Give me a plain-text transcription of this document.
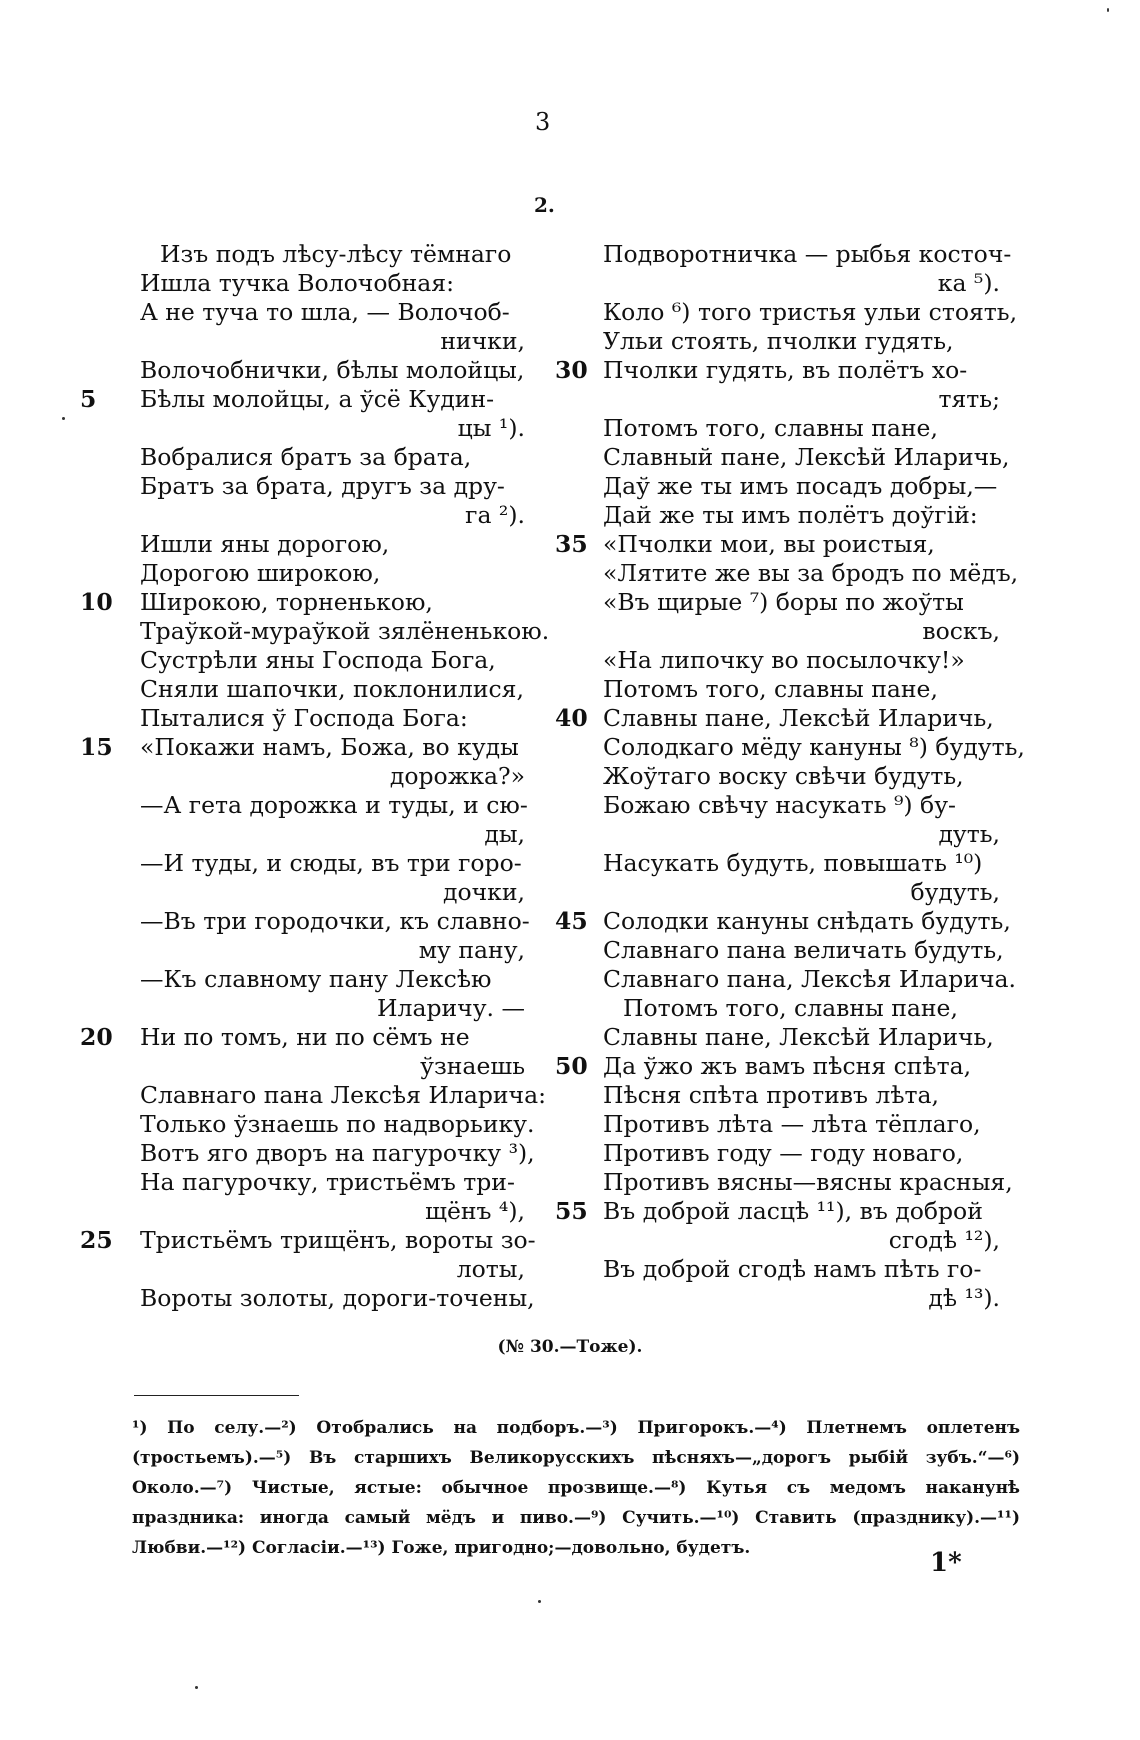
3
2.
Изъ подъ лѣсу-лѣсу тёмнаго
Ишла тучка Волочобная:
А не туча то шла, — Волочоб-
нички,
Волочобнички, бѣлы молойцы,
5	Бѣлы молойцы, а ўсё Кудин-
цы ¹).
Вобралися братъ за брата,
Братъ за брата, другъ за дру-
га ²).
Ишли яны дорогою,
Дорогою широкою,
10	Широкою, торненькою,
Траўкой-мураўкой зялёненькою.
Сустрѣли яны Господа Бога,
Сняли шапочки, поклонилися,
Пыталися ў Господа Бога:
15	«Покажи намъ, Божа, во куды
дорожка?»
—А гета дорожка и туды, и сю-
ды,
—И туды, и сюды, въ три горо-
дочки,
—Въ три городочки, къ славно-
му пану,
—Къ славному пану Лексѣю
Иларичу. —
20	Ни по томъ, ни по сёмъ не
ўзнаешь
Славнаго пана Лексѣя Иларича:
Только ўзнаешь по надворьику.
Вотъ яго дворъ на пагурочку ³),
На пагурочку, тристьёмъ три-
щёнъ ⁴),
25	Тристьёмъ трищёнъ, вороты зо-
лоты,
Вороты золоты, дороги-точены,
Подворотничка — рыбья косточ-
ка ⁵).
Коло ⁶) того тристья ульи стоять,
Ульи стоять, пчолки гудять,
30 Пчолки гудять, въ полётъ хо-
тять;
Потомъ того, славны пане,
Славный пане, Лексѣй Иларичь,
Даў же ты имъ посадъ добры,—
Дай же ты имъ полётъ доўгiй:
35 «Пчолки мои, вы роистыя,
«Лятите же вы за бродъ по мёдъ,
«Въ щирые ⁷) боры по жоўты
воскъ,
«На липочку во посылочку!»
Потомъ того, славны пане,
40 Славны пане, Лексѣй Иларичь,
Солодкаго мёду кануны ⁸) будуть,
Жоўтаго воску свѣчи будуть,
Божаю свѣчу насукать ⁹) бу-
дуть,
Насукать будуть, повышать ¹⁰)
будуть,
45 Солодки кануны снѣдать будуть,
Славнаго пана величать будуть,
Славнаго пана, Лексѣя Иларича.
Потомъ того, славны пане,
Славны пане, Лексѣй Иларичь,
50 Да ўжо жъ вамъ пѣсня спѣта,
Пѣсня спѣта противъ лѣта,
Противъ лѣта — лѣта тёплаго,
Противъ году — году новаго,
Противъ вясны—вясны красныя,
55 Въ доброй ласцѣ ¹¹), въ доброй
сгодѣ ¹²),
Въ доброй сгодѣ намъ пѣть го-
дѣ ¹³).
(№ 30.—Тоже).
¹) По селу.—²) Отобрались на подборъ.—³) Пригорокъ.—⁴) Плетнемъ оплетенъ (тростьемъ).—⁵) Въ старшихъ Великорусскихъ пѣсняхъ—„дорогъ рыбій зубъ.“—⁶) Около.—⁷) Чистые, ястые: обычное прозвище.—⁸) Кутья съ медомъ наканунѣ праздника: иногда самый мёдъ и пиво.—⁹) Сучить.—¹⁰) Ставить (празднику).—¹¹) Любви.—¹²) Согласiи.—¹³) Гоже, пригодно;—довольно, будетъ.	1*
